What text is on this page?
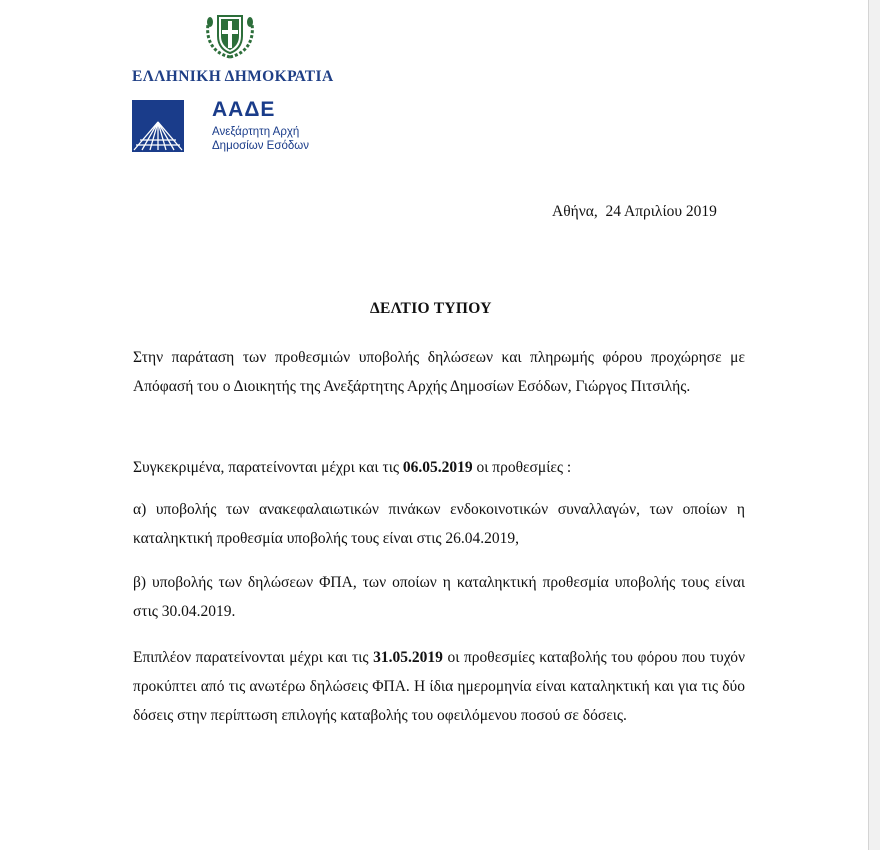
ΕΛΛΗΝΙΚΗ ΔΗΜΟΚΡΑΤΙΑ
ΑΑΔΕ
Ανεξάρτητη Αρχή
Δημοσίων Εσόδων
Αθήνα,  24 Απριλίου 2019
ΔΕΛΤΙΟ ΤΥΠΟΥ

Στην παράταση των προθεσμιών υποβολής δηλώσεων και πληρωμής φόρου προχώρησε με Απόφασή του ο Διοικητής της Ανεξάρτητης Αρχής Δημοσίων Εσόδων, Γιώργος Πιτσιλής.

Συγκεκριμένα, παρατείνονται μέχρι και τις 06.05.2019 οι προθεσμίες :

α) υποβολής των ανακεφαλαιωτικών πινάκων ενδοκοινοτικών συναλλαγών, των οποίων η καταληκτική προθεσμία υποβολής τους είναι στις 26.04.2019,

β) υποβολής των δηλώσεων ΦΠΑ, των οποίων η καταληκτική προθεσμία υποβολής τους είναι στις 30.04.2019.

Επιπλέον παρατείνονται μέχρι και τις 31.05.2019 οι προθεσμίες καταβολής του φόρου που τυχόν προκύπτει από τις ανωτέρω δηλώσεις ΦΠΑ. Η ίδια ημερομηνία είναι καταληκτική και για τις δύο δόσεις στην περίπτωση επιλογής καταβολής του οφειλόμενου ποσού σε δόσεις.
